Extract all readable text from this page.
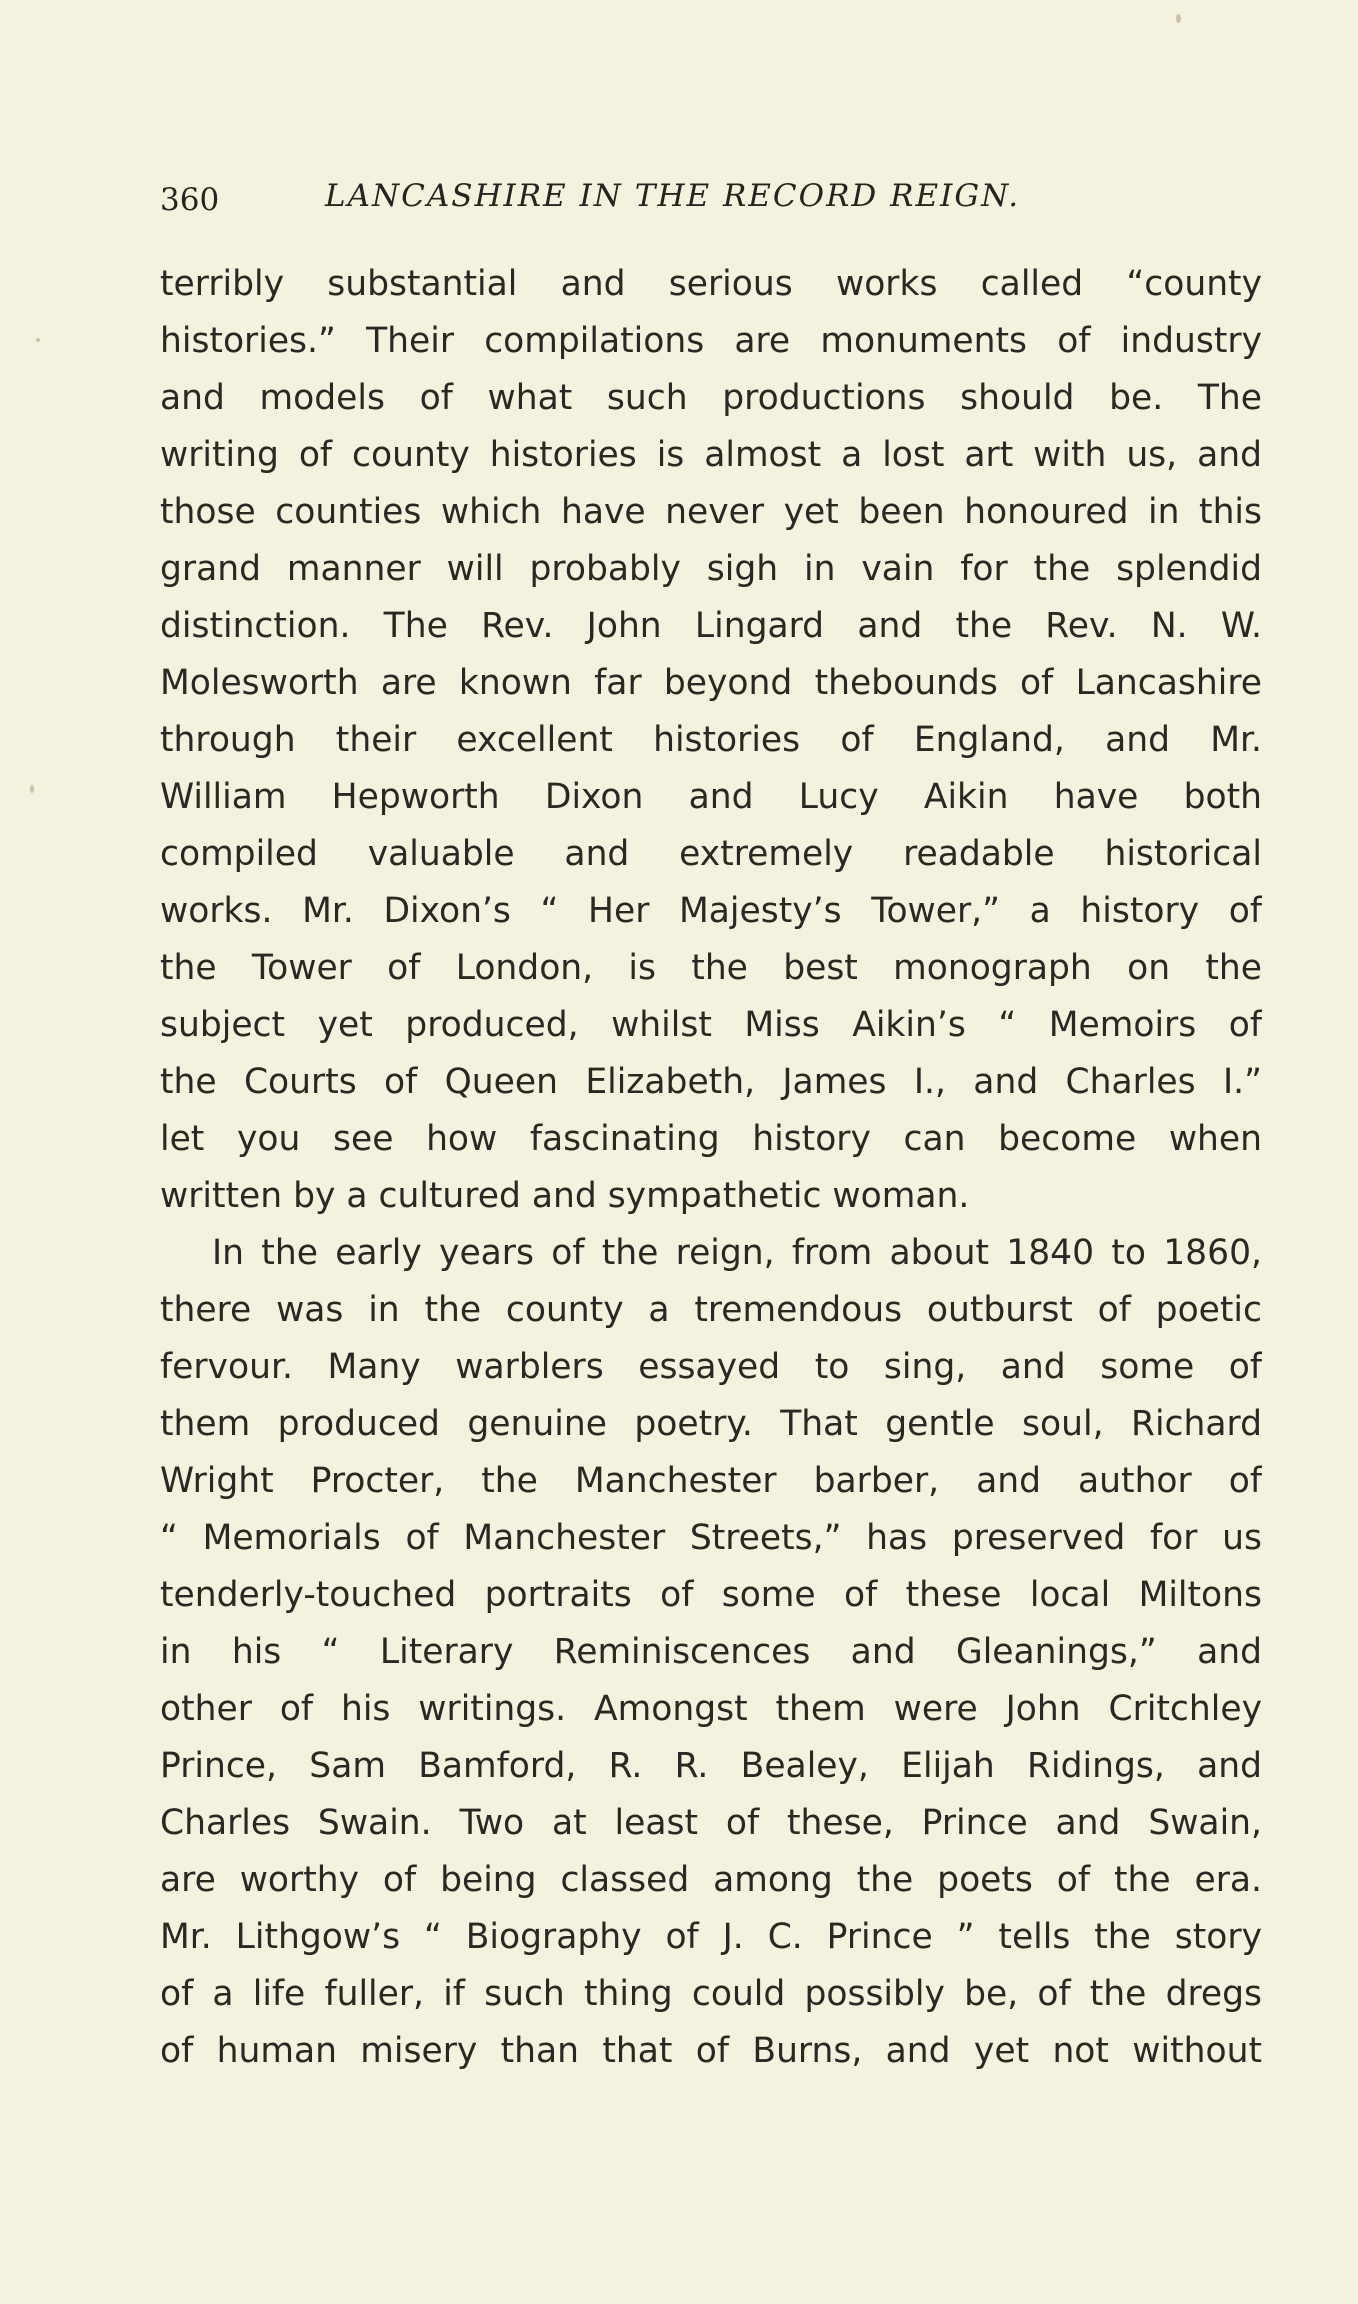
360	LANCASHIRE IN THE RECORD REIGN.
terribly substantial and serious works called “county
histories.” Their compilations are monuments of industry
and models of what such productions should be. The
writing of county histories is almost a lost art with us, and
those counties which have never yet been honoured in this
grand manner will probably sigh in vain for the splendid
distinction. The Rev. John Lingard and the Rev. N. W.
Molesworth are known far beyond thebounds of Lancashire
through their excellent histories of England, and Mr.
William Hepworth Dixon and Lucy Aikin have both
compiled valuable and extremely readable historical
works. Mr. Dixon’s “ Her Majesty’s Tower,” a history of
the Tower of London, is the best monograph on the
subject yet produced, whilst Miss Aikin’s “ Memoirs of
the Courts of Queen Elizabeth, James I., and Charles I.”
let you see how fascinating history can become when
written by a cultured and sympathetic woman.
In the early years of the reign, from about 1840 to 1860,
there was in the county a tremendous outburst of poetic
fervour. Many warblers essayed to sing, and some of
them produced genuine poetry. That gentle soul, Richard
Wright Procter, the Manchester barber, and author of
“ Memorials of Manchester Streets,” has preserved for us
tenderly-touched portraits of some of these local Miltons
in his “ Literary Reminiscences and Gleanings,” and
other of his writings. Amongst them were John Critchley
Prince, Sam Bamford, R. R. Bealey, Elijah Ridings, and
Charles Swain. Two at least of these, Prince and Swain,
are worthy of being classed among the poets of the era.
Mr. Lithgow’s “ Biography of J. C. Prince ” tells the story
of a life fuller, if such thing could possibly be, of the dregs
of human misery than that of Burns, and yet not without
